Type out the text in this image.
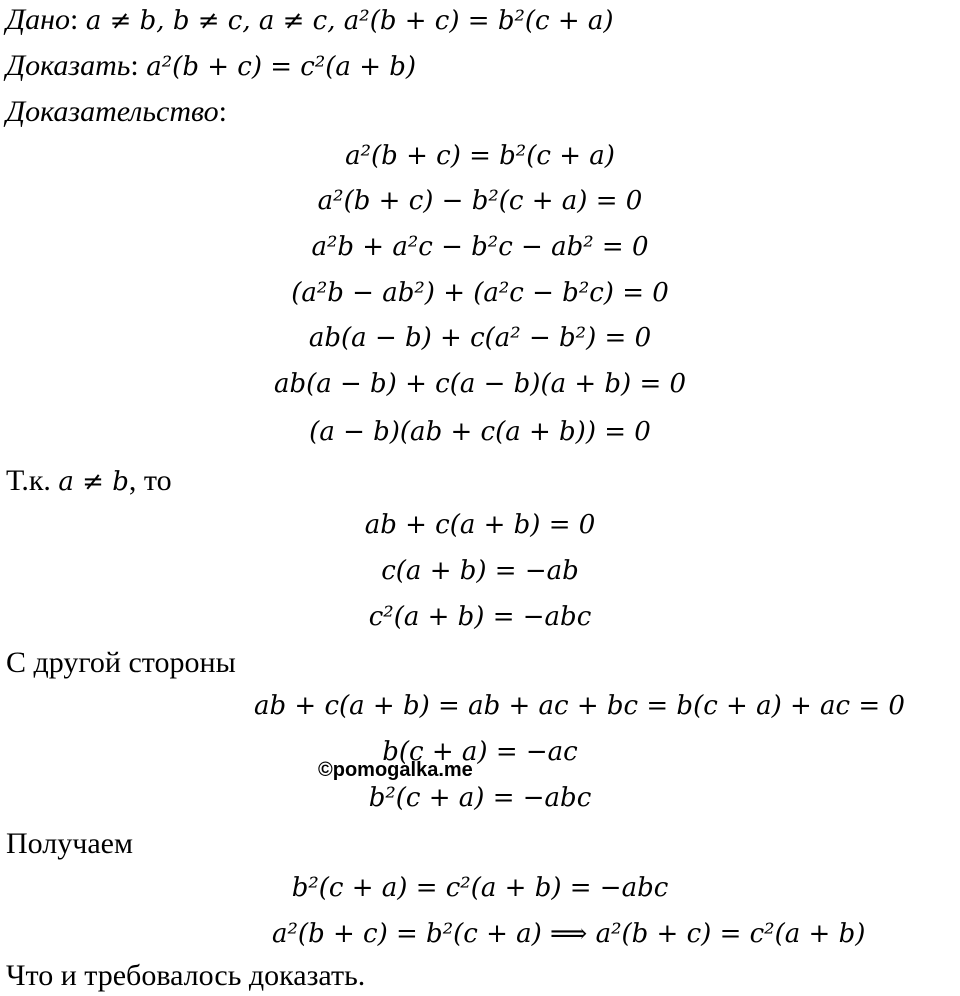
Дано: a ≠ b, b ≠ c, a ≠ c, a²(b + c) = b²(c + a)
Доказать: a²(b + c) = c²(a + b)
Доказательство:
a²(b + c) = b²(c + a)
a²(b + c) − b²(c + a) = 0
a²b + a²c − b²c − ab² = 0
(a²b − ab²) + (a²c − b²c) = 0
ab(a − b) + c(a² − b²) = 0
ab(a − b) + c(a − b)(a + b) = 0
(a − b)(ab + c(a + b)) = 0
Т.к. a ≠ b, то
ab + c(a + b) = 0
c(a + b) = −ab
c²(a + b) = −abc
С другой стороны
ab + c(a + b) = ab + ac + bc = b(c + a) + ac = 0
b(c + a) = −ac
b²(c + a) = −abc
©pomogalka.me
Получаем
b²(c + a) = c²(a + b) = −abc
a²(b + c) = b²(c + a) ⟹ a²(b + c) = c²(a + b)
Что и требовалось доказать.
